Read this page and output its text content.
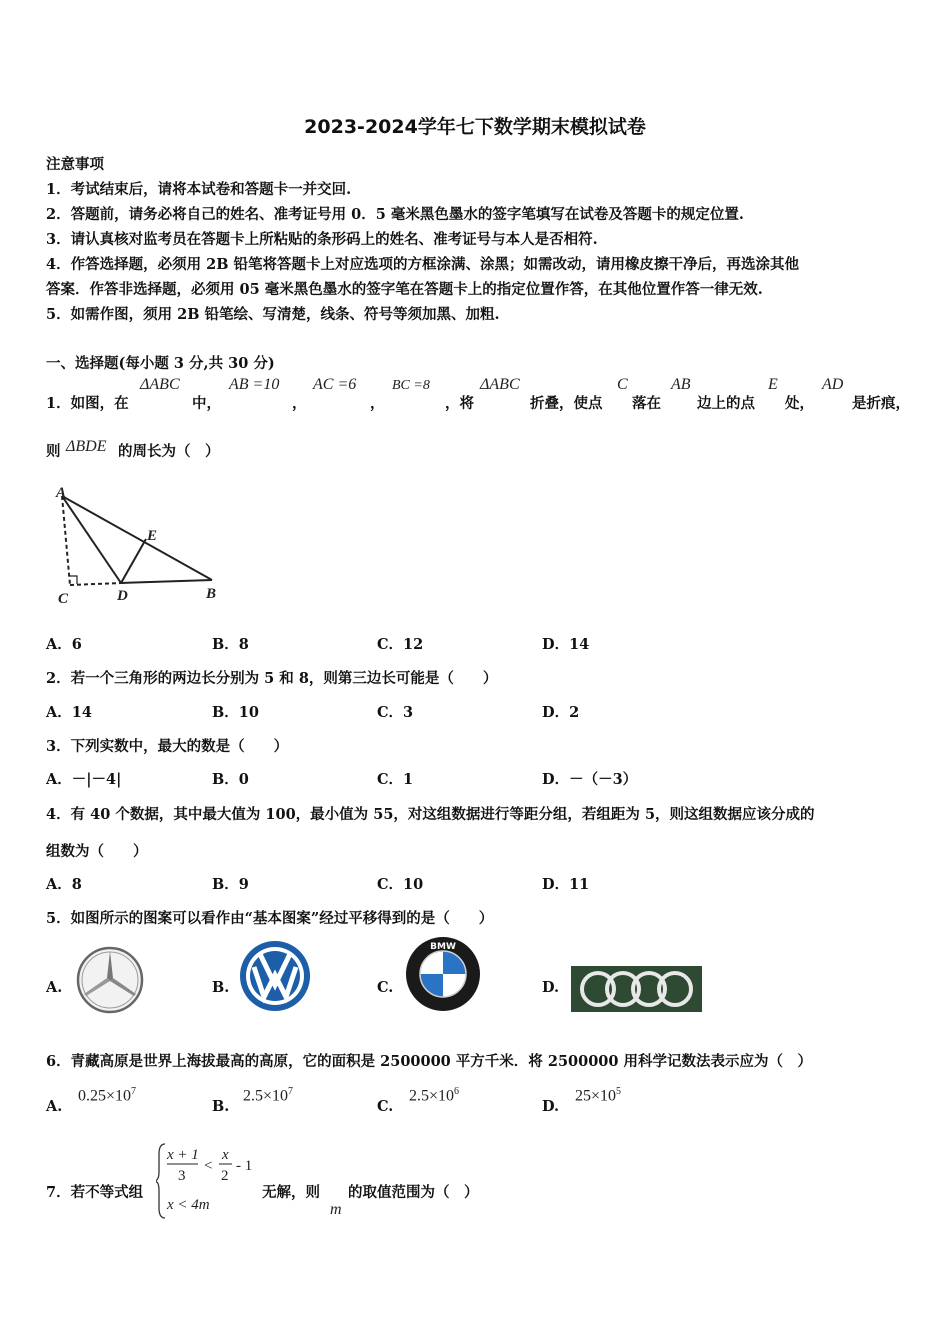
2023-2024学年七下数学期末模拟试卷
注意事项
1．考试结束后，请将本试卷和答题卡一并交回.
2．答题前，请务必将自己的姓名、准考证号用 0．5 毫米黑色墨水的签字笔填写在试卷及答题卡的规定位置.
3．请认真核对监考员在答题卡上所粘贴的条形码上的姓名、准考证号与本人是否相符.
4．作答选择题，必须用 2B 铅笔将答题卡上对应选项的方框涂满、涂黑；如需改动，请用橡皮擦干净后，再选涂其他
答案．作答非选择题，必须用 05 毫米黑色墨水的签字笔在答题卡上的指定位置作答，在其他位置作答一律无效.
5．如需作图，须用 2B 铅笔绘、写清楚，线条、符号等须加黑、加粗.
一、选择题(每小题 3 分,共 30 分)
1．如图，在
ΔABC
中，
AB =10
，
AC =6
，
BC =8
，将
ΔABC
折叠，使点
C
落在
AB
边上的点
E
处，
AD
是折痕，
则 ΔBDE 的周长为（　）
A
E
C	D	B
A．6	B．8	C．12	D．14
2．若一个三角形的两边长分别为 5 和 8，则第三边长可能是（　　）
A．14	B．10	C．3	D．2
3．下列实数中，最大的数是（　　）
A．－|－4|	B．0	C．1	D．－（－3）
4．有 40 个数据，其中最大值为 100，最小值为 55，对这组数据进行等距分组，若组距为 5，则这组数据应该分成的
组数为（　　）
A．8	B．9	C．10	D．11
5．如图所示的图案可以看作由“基本图案”经过平移得到的是（　　）
A.	B.	C.
BMW
D.
6．青藏高原是世界上海拔最高的高原，它的面积是 2500000 平方千米．将 2500000 用科学记数法表示应为（　）
A.
$0.25\times 10^7$
B.
$2.5\times 10^7$
C.
$2.5\times 10^6$
D.
$25\times 10^5$
7．若不等式组
x + 1
3
<
x
2
- 1
x < 4m
无解，则
m
的取值范围为（　）
